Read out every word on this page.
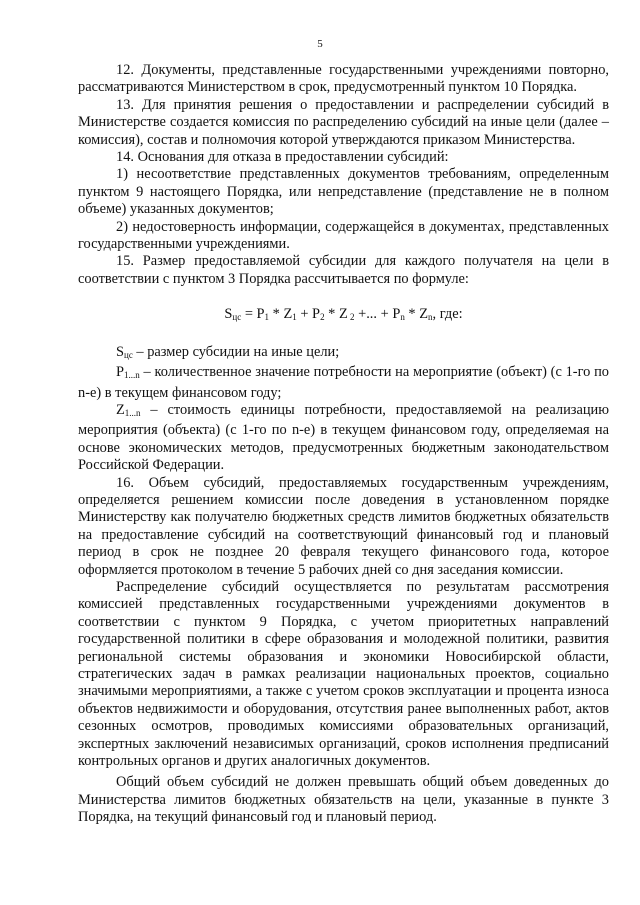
5

12. Документы, представленные государственными учреждениями повторно, рассматриваются Министерством в срок, предусмотренный пунктом 10 Порядка.

13. Для принятия решения о предоставлении и распределении субсидий в Министерстве создается комиссия по распределению субсидий на иные цели (далее – комиссия), состав и полномочия которой утверждаются приказом Министерства.

14. Основания для отказа в предоставлении субсидий:

1) несоответствие представленных документов требованиям, определенным пунктом 9 настоящего Порядка, или непредставление (представление не в полном объеме) указанных документов;

2) недостоверность информации, содержащейся в документах, представленных государственными учреждениями.

15. Размер предоставляемой субсидии для каждого получателя на цели в соответствии с пунктом 3 Порядка рассчитывается по формуле:

$S_{цс} = P_1 * Z_1 + P_2 * Z$ $_2$ +... + $P_n * Z_n$, где:

$S_{цс}$ – размер субсидии на иные цели;

$P_{1...n}$ – количественное значение потребности на мероприятие (объект) (с 1-го по n-е) в текущем финансовом году;

$Z_{1...n}$ – стоимость единицы потребности, предоставляемой на реализацию мероприятия (объекта) (с 1-го по n-е) в текущем финансовом году, определяемая на основе экономических методов, предусмотренных бюджетным законодательством Российской Федерации.

16. Объем субсидий, предоставляемых государственным учреждениям, определяется решением комиссии после доведения в установленном порядке Министерству как получателю бюджетных средств лимитов бюджетных обязательств на предоставление субсидий на соответствующий финансовый год и плановый период в срок не позднее 20 февраля текущего финансового года, которое оформляется протоколом в течение 5 рабочих дней со дня заседания комиссии.

Распределение субсидий осуществляется по результатам рассмотрения комиссией представленных государственными учреждениями документов в соответствии с пунктом 9 Порядка, с учетом приоритетных направлений государственной политики в сфере образования и молодежной политики, развития региональной системы образования и экономики Новосибирской области, стратегических задач в рамках реализации национальных проектов, социально значимыми мероприятиями, а также с учетом сроков эксплуатации и процента износа объектов недвижимости и оборудования, отсутствия ранее выполненных работ, актов сезонных осмотров, проводимых комиссиями образовательных организаций, экспертных заключений независимых организаций, сроков исполнения предписаний контрольных органов и других аналогичных документов.

Общий объем субсидий не должен превышать общий объем доведенных до Министерства лимитов бюджетных обязательств на цели, указанные в пункте 3 Порядка, на текущий финансовый год и плановый период.
